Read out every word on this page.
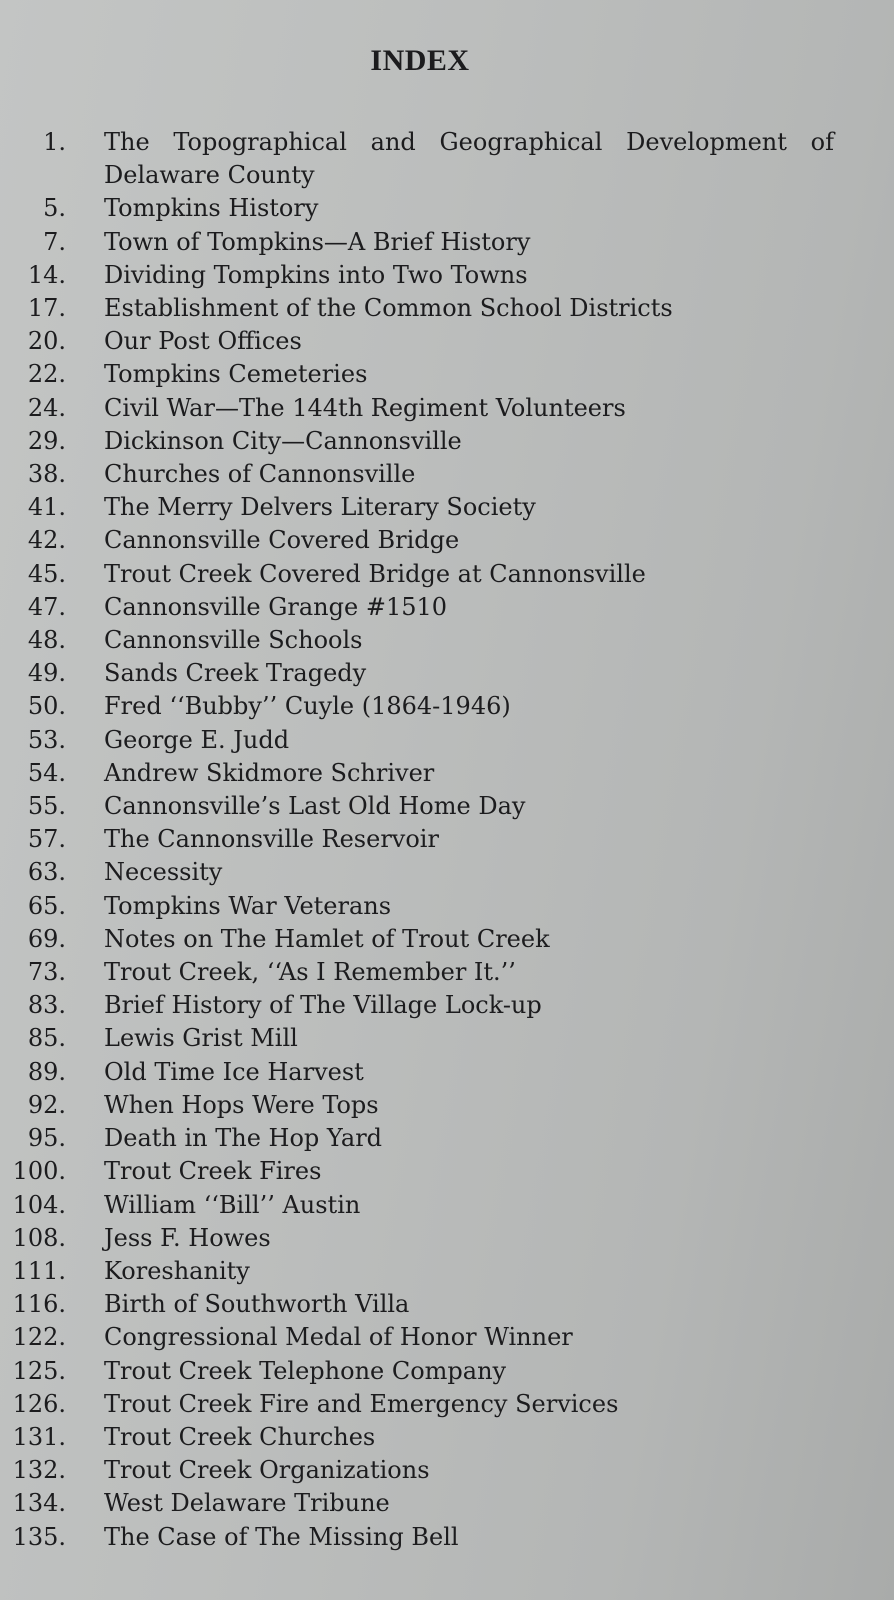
INDEX
1. The Topographical and Geographical Development of Delaware County
5. Tompkins History
7. Town of Tompkins—A Brief History
14. Dividing Tompkins into Two Towns
17. Establishment of the Common School Districts
20. Our Post Offices
22. Tompkins Cemeteries
24. Civil War—The 144th Regiment Volunteers
29. Dickinson City—Cannonsville
38. Churches of Cannonsville
41. The Merry Delvers Literary Society
42. Cannonsville Covered Bridge
45. Trout Creek Covered Bridge at Cannonsville
47. Cannonsville Grange #1510
48. Cannonsville Schools
49. Sands Creek Tragedy
50. Fred ‘‘Bubby’’ Cuyle (1864-1946)
53. George E. Judd
54. Andrew Skidmore Schriver
55. Cannonsville’s Last Old Home Day
57. The Cannonsville Reservoir
63. Necessity
65. Tompkins War Veterans
69. Notes on The Hamlet of Trout Creek
73. Trout Creek, ‘‘As I Remember It.’’
83. Brief History of The Village Lock-up
85. Lewis Grist Mill
89. Old Time Ice Harvest
92. When Hops Were Tops
95. Death in The Hop Yard
100. Trout Creek Fires
104. William ‘‘Bill’’ Austin
108. Jess F. Howes
111. Koreshanity
116. Birth of Southworth Villa
122. Congressional Medal of Honor Winner
125. Trout Creek Telephone Company
126. Trout Creek Fire and Emergency Services
131. Trout Creek Churches
132. Trout Creek Organizations
134. West Delaware Tribune
135. The Case of The Missing Bell
